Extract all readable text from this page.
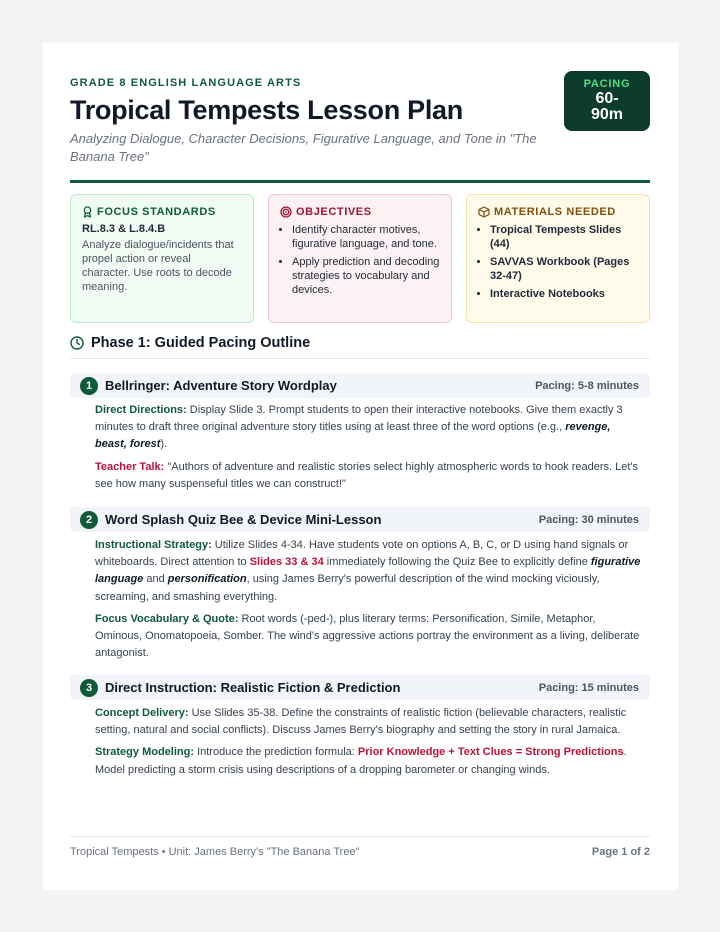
GRADE 8 ENGLISH LANGUAGE ARTS
Tropical Tempests Lesson Plan
Analyzing Dialogue, Character Decisions, Figurative Language, and Tone in "The Banana Tree"
PACING
60-90m
FOCUS STANDARDS
RL.8.3 & L.8.4.B
Analyze dialogue/incidents that propel action or reveal character. Use roots to decode meaning.
OBJECTIVES
• Identify character motives, figurative language, and tone.
• Apply prediction and decoding strategies to vocabulary and devices.
MATERIALS NEEDED
• Tropical Tempests Slides (44)
• SAVVAS Workbook (Pages 32-47)
• Interactive Notebooks
Phase 1: Guided Pacing Outline
1 Bellringer: Adventure Story Wordplay	Pacing: 5-8 minutes

Direct Directions: Display Slide 3. Prompt students to open their interactive notebooks. Give them exactly 3 minutes to draft three original adventure story titles using at least three of the word options (e.g., revenge, beast, forest).

Teacher Talk: "Authors of adventure and realistic stories select highly atmospheric words to hook readers. Let's see how many suspenseful titles we can construct!"

2 Word Splash Quiz Bee & Device Mini-Lesson	Pacing: 30 minutes

Instructional Strategy: Utilize Slides 4-34. Have students vote on options A, B, C, or D using hand signals or whiteboards. Direct attention to Slides 33 & 34 immediately following the Quiz Bee to explicitly define figurative language and personification, using James Berry's powerful description of the wind mocking viciously, screaming, and smashing everything.

Focus Vocabulary & Quote: Root words (-ped-), plus literary terms: Personification, Simile, Metaphor, Ominous, Onomatopoeia, Somber. The wind's aggressive actions portray the environment as a living, deliberate antagonist.

3 Direct Instruction: Realistic Fiction & Prediction	Pacing: 15 minutes

Concept Delivery: Use Slides 35-38. Define the constraints of realistic fiction (believable characters, realistic setting, natural and social conflicts). Discuss James Berry's biography and setting the story in rural Jamaica.

Strategy Modeling: Introduce the prediction formula: Prior Knowledge + Text Clues = Strong Predictions. Model predicting a storm crisis using descriptions of a dropping barometer or changing winds.

Tropical Tempests • Unit: James Berry's "The Banana Tree"	Page 1 of 2
